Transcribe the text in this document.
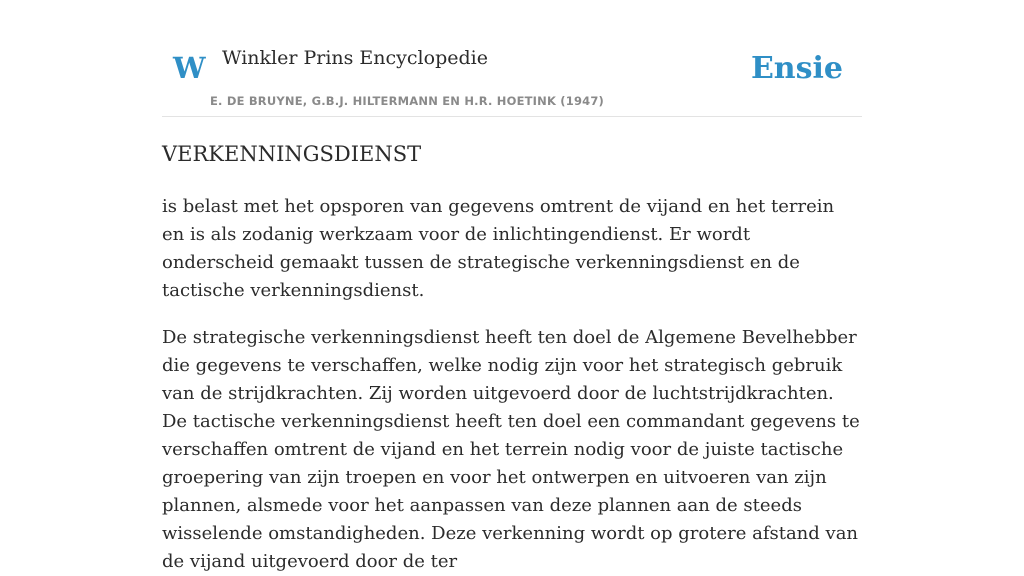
W Winkler Prins Encyclopedie
E. DE BRUYNE, G.B.J. HILTERMANN EN H.R. HOETINK (1947)
Ensie
VERKENNINGSDIENST

is belast met het opsporen van gegevens omtrent de vijand en het terrein en is als zodanig werkzaam voor de inlichtingendienst. Er wordt onderscheid gemaakt tussen de strategische verkenningsdienst en de tactische verkenningsdienst.

De strategische verkenningsdienst heeft ten doel de Algemene Bevelhebber die gegevens te verschaffen, welke nodig zijn voor het strategisch gebruik van de strijdkrachten. Zij worden uitgevoerd door de luchtstrijdkrachten. De tactische verkenningsdienst heeft ten doel een commandant gegevens te verschaffen omtrent de vijand en het terrein nodig voor de juiste tactische groepering van zijn troepen en voor het ontwerpen en uitvoeren van zijn plannen, alsmede voor het aanpassen van deze plannen aan de steeds wisselende omstandigheden. Deze verkenning wordt op grotere afstand van de vijand uitgevoerd door de ter
